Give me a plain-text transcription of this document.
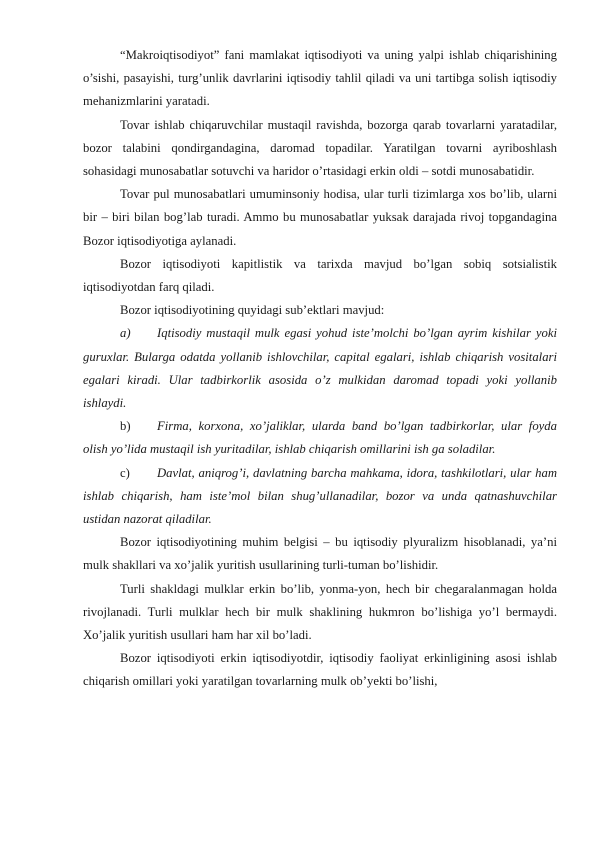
“Makroiqtisodiyot” fani mamlakat iqtisodiyoti va uning yalpi ishlab chiqarishining o’sishi, pasayishi, turg’unlik davrlarini iqtisodiy tahlil qiladi va uni tartibga solish iqtisodiy mehanizmlarini yaratadi.

Tovar ishlab chiqaruvchilar mustaqil ravishda, bozorga qarab tovarlarni yaratadilar, bozor talabini qondirgandagina, daromad topadilar. Yaratilgan tovarni ayriboshlash sohasidagi munosabatlar sotuvchi va haridor o’rtasidagi erkin oldi – sotdi munosabatidir.

Tovar pul munosabatlari umuminsoniy hodisa, ular turli tizimlarga xos bo’lib, ularni bir – biri bilan bog’lab turadi. Ammo bu munosabatlar yuksak darajada rivoj topgandagina Bozor iqtisodiyotiga aylanadi.

Bozor iqtisodiyoti kapitlistik va tarixda mavjud bo’lgan sobiq sotsialistik iqtisodiyotdan farq qiladi.

Bozor iqtisodiyotining quyidagi sub’ektlari mavjud:

a) Iqtisodiy mustaqil mulk egasi yohud iste’molchi bo’lgan ayrim kishilar yoki guruxlar. Bularga odatda yollanib ishlovchilar, capital egalari, ishlab chiqarish vositalari egalari kiradi. Ular tadbirkorlik asosida o’z mulkidan daromad topadi yoki yollanib ishlaydi.

b) Firma, korxona, xo’jaliklar, ularda band bo’lgan tadbirkorlar, ular foyda olish yo’lida mustaqil ish yuritadilar, ishlab chiqarish omillarini ish ga soladilar.

c) Davlat, aniqrog’i, davlatning barcha mahkama, idora, tashkilotlari, ular ham ishlab chiqarish, ham iste’mol bilan shug’ullanadilar, bozor va unda qatnashuvchilar ustidan nazorat qiladilar.

Bozor iqtisodiyotining muhim belgisi – bu iqtisodiy plyuralizm hisoblanadi, ya’ni mulk shakllari va xo’jalik yuritish usullarining turli-tuman bo’lishidir.

Turli shakldagi mulklar erkin bo’lib, yonma-yon, hech bir chegaralanmagan holda rivojlanadi. Turli mulklar hech bir mulk shaklining hukmron bo’lishiga yo’l bermaydi. Xo’jalik yuritish usullari ham har xil bo’ladi.

Bozor iqtisodiyoti erkin iqtisodiyotdir, iqtisodiy faoliyat erkinligining asosi ishlab chiqarish omillari yoki yaratilgan tovarlarning mulk ob’yekti bo’lishi,
